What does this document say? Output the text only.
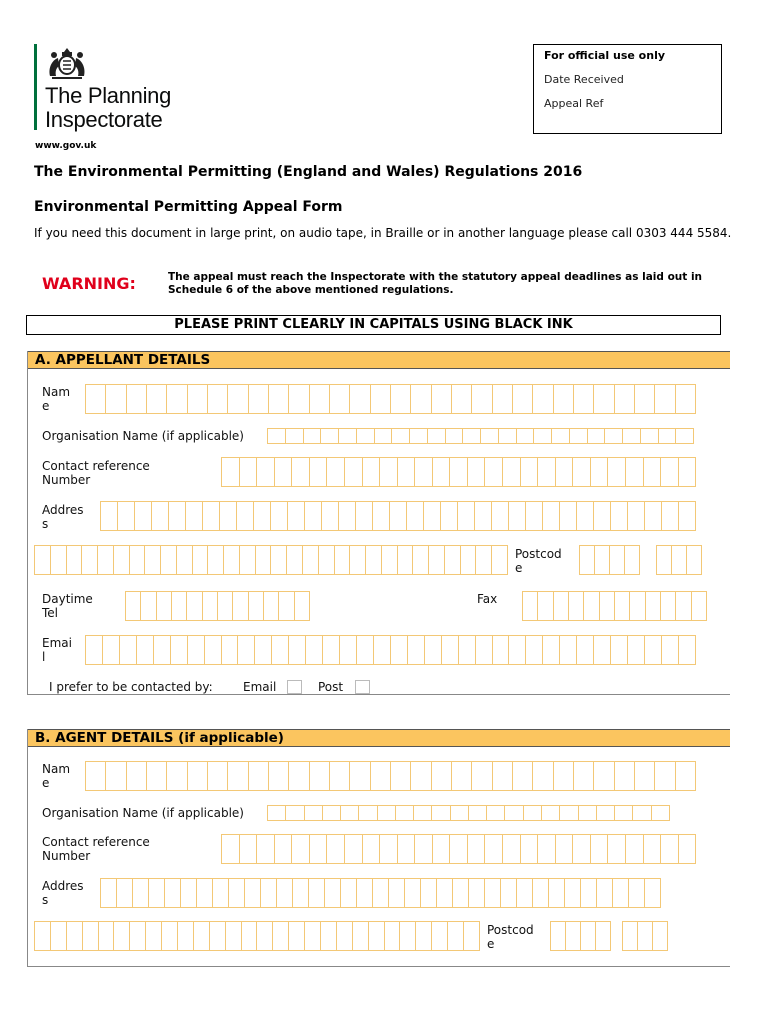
The Planning
Inspectorate
www.gov.uk
For official use only
Date Received
Appeal Ref
The Environmental Permitting (England and Wales) Regulations 2016
Environmental Permitting Appeal Form
If you need this document in large print, on audio tape, in Braille or in another language please call 0303 444 5584.
WARNING:	The appeal must reach the Inspectorate with the statutory appeal deadlines as laid out in Schedule 6 of the above mentioned regulations.
PLEASE PRINT CLEARLY IN CAPITALS USING BLACK INK
A. APPELLANT DETAILS
Nam
e
Organisation Name (if applicable)
Contact reference
Number
Addres
s
Postcod
e
Daytime
Tel
Fax
Emai
l
I prefer to be contacted by:	Email	Post
B. AGENT DETAILS (if applicable)
Nam
e
Organisation Name (if applicable)
Contact reference
Number
Addres
s
Postcod
e
